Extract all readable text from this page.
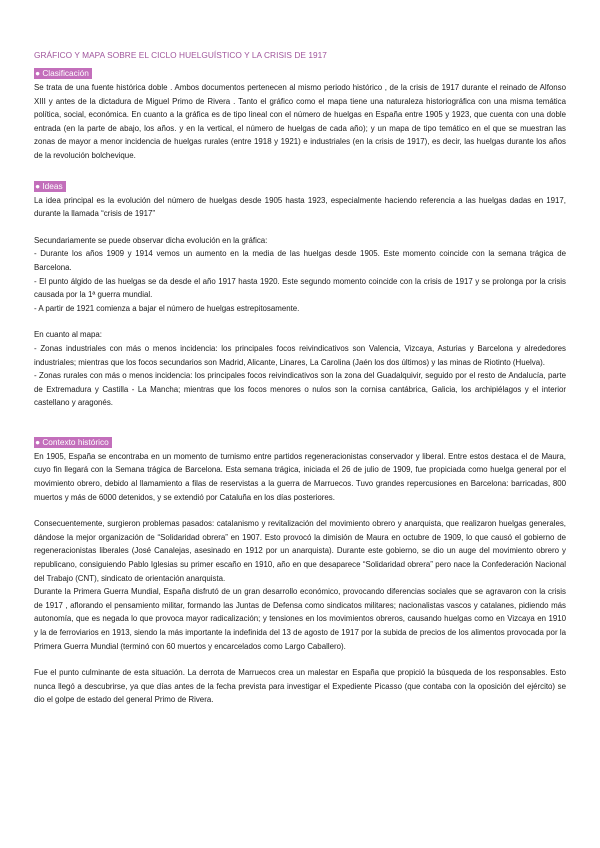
GRÁFICO Y MAPA SOBRE EL CICLO HUELGUÍSTICO Y LA CRISIS DE 1917
● Clasificación

Se trata de una fuente histórica doble . Ambos documentos pertenecen al mismo periodo histórico , de la crisis de 1917 durante el reinado de Alfonso XIII y antes de la dictadura de Miguel Primo de Rivera . Tanto el gráfico como el mapa tiene una naturaleza historiográfica con una misma temática política, social, económica. En cuanto a la gráfica es de tipo lineal con el número de huelgas en España entre 1905 y 1923, que cuenta con una doble entrada (en la parte de abajo, los años. y en la vertical, el número de huelgas de cada año); y un mapa de tipo temático en el que se muestran las zonas de mayor a menor incidencia de huelgas rurales (entre 1918 y 1921) e industriales (en la crisis de 1917), es decir, las huelgas durante los años de la revolución bolchevique.

● Ideas

La idea principal es la evolución del número de huelgas desde 1905 hasta 1923, especialmente haciendo referencia a las huelgas dadas en 1917, durante la llamada “crisis de 1917”

Secundariamente se puede observar dicha evolución en la gráfica:

- Durante los años 1909 y 1914 vemos un aumento en la media de las huelgas desde 1905. Este momento coincide con la semana trágica de Barcelona.

- El punto álgido de las huelgas se da desde el año 1917 hasta 1920. Este segundo momento coincide con la crisis de 1917 y se prolonga por la crisis causada por la 1ª guerra mundial.

- A partir de 1921 comienza a bajar el número de huelgas estrepitosamente.

En cuanto al mapa:

- Zonas industriales con más o menos incidencia: los principales focos reivindicativos son Valencia, Vizcaya, Asturias y Barcelona y alrededores industriales; mientras que los focos secundarios son Madrid, Alicante, Linares, La Carolina (Jaén los dos últimos) y las minas de Riotinto (Huelva).

- Zonas rurales con más o menos incidencia: los principales focos reivindicativos son la zona del Guadalquivir, seguido por el resto de Andalucía, parte de Extremadura y Castilla - La Mancha; mientras que los focos menores o nulos son la cornisa cantábrica, Galicia, los archipiélagos y el interior castellano y aragonés.

● Contexto histórico

En 1905, España se encontraba en un momento de turnismo entre partidos regeneracionistas conservador y liberal. Entre estos destaca el de Maura, cuyo fin llegará con la Semana trágica de Barcelona. Esta semana trágica, iniciada el 26 de julio de 1909, fue propiciada como huelga general por el movimiento obrero, debido al llamamiento a filas de reservistas a la guerra de Marruecos. Tuvo grandes repercusiones en Barcelona: barricadas, 800 muertos y más de 6000 detenidos, y se extendió por Cataluña en los días posteriores.

Consecuentemente, surgieron problemas pasados: catalanismo y revitalización del movimiento obrero y anarquista, que realizaron huelgas generales, dándose la mejor organización de “Solidaridad obrera” en 1907. Esto provocó la dimisión de Maura en octubre de 1909, lo que causó el gobierno de regeneracionistas liberales (José Canalejas, asesinado en 1912 por un anarquista). Durante este gobierno, se dio un auge del movimiento obrero y republicano, consiguiendo Pablo Iglesias su primer escaño en 1910, año en que desaparece “Solidaridad obrera” pero nace la Confederación Nacional del Trabajo (CNT), sindicato de orientación anarquista.

Durante la Primera Guerra Mundial, España disfrutó de un gran desarrollo económico, provocando diferencias sociales que se agravaron con la crisis de 1917 , aflorando el pensamiento militar, formando las Juntas de Defensa como sindicatos militares; nacionalistas vascos y catalanes, pidiendo más autonomía, que es negada lo que provoca mayor radicalización; y tensiones en los movimientos obreros, causando huelgas como en Vizcaya en 1910 y la de ferroviarios en 1913, siendo la más importante la indefinida del 13 de agosto de 1917 por la subida de precios de los alimentos provocada por la Primera Guerra Mundial (terminó con 60 muertos y encarcelados como Largo Caballero).

Fue el punto culminante de esta situación. La derrota de Marruecos crea un malestar en España que propició la búsqueda de los responsables. Esto nunca llegó a descubrirse, ya que días antes de la fecha prevista para investigar el Expediente Picasso (que contaba con la oposición del ejército) se dio el golpe de estado del general Primo de Rivera.
